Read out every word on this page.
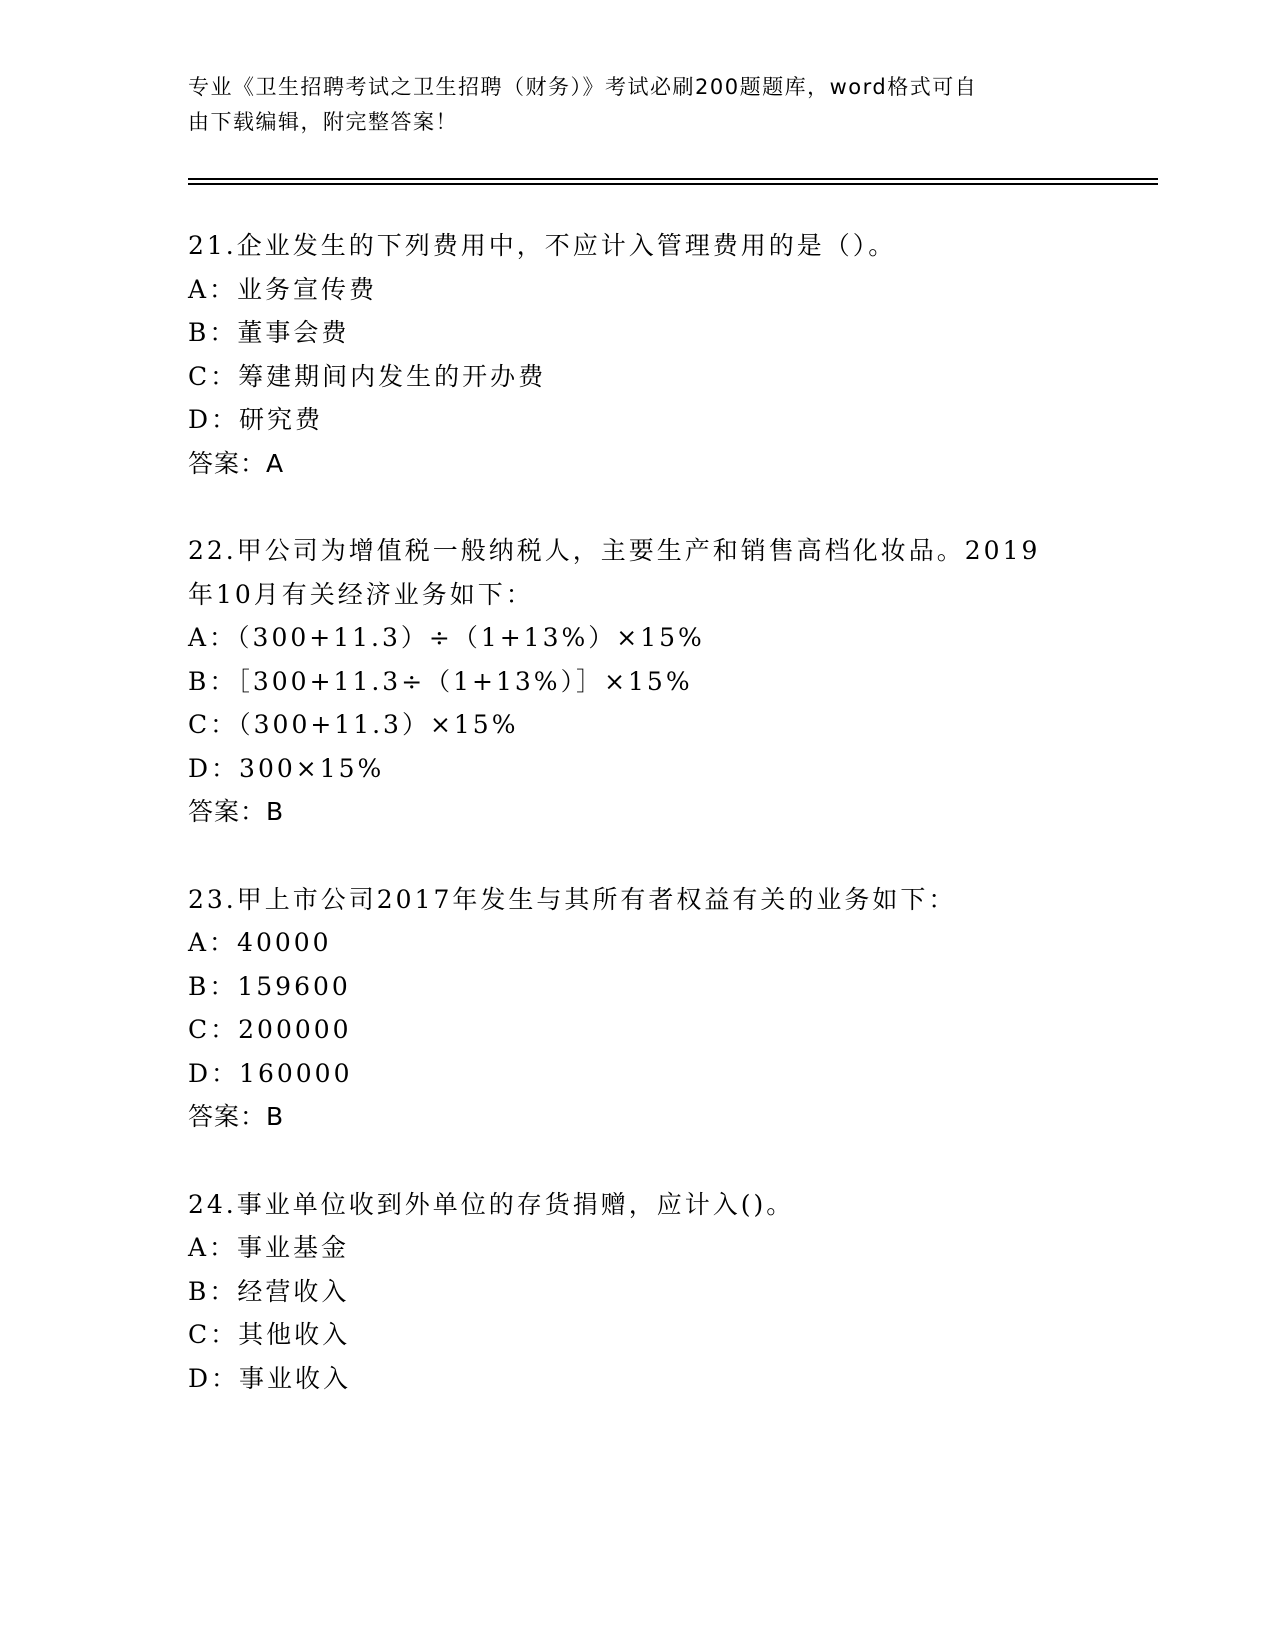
专业《卫生招聘考试之卫生招聘（财务）》考试必刷200题题库，word格式可自
由下载编辑，附完整答案！
21.企业发生的下列费用中，不应计入管理费用的是（）。
A：业务宣传费
B：董事会费
C：筹建期间内发生的开办费
D：研究费
答案：A
22.甲公司为增值税一般纳税人，主要生产和销售高档化妆品。2019
年10月有关经济业务如下：
A：（300+11.3）÷（1+13%）×15%
B：［300+11.3÷（1+13%）］×15%
C：（300+11.3）×15%
D：300×15%
答案：B
23.甲上市公司2017年发生与其所有者权益有关的业务如下：
A：40000
B：159600
C：200000
D：160000
答案：B
24.事业单位收到外单位的存货捐赠，应计入()。
A：事业基金
B：经营收入
C：其他收入
D：事业收入
